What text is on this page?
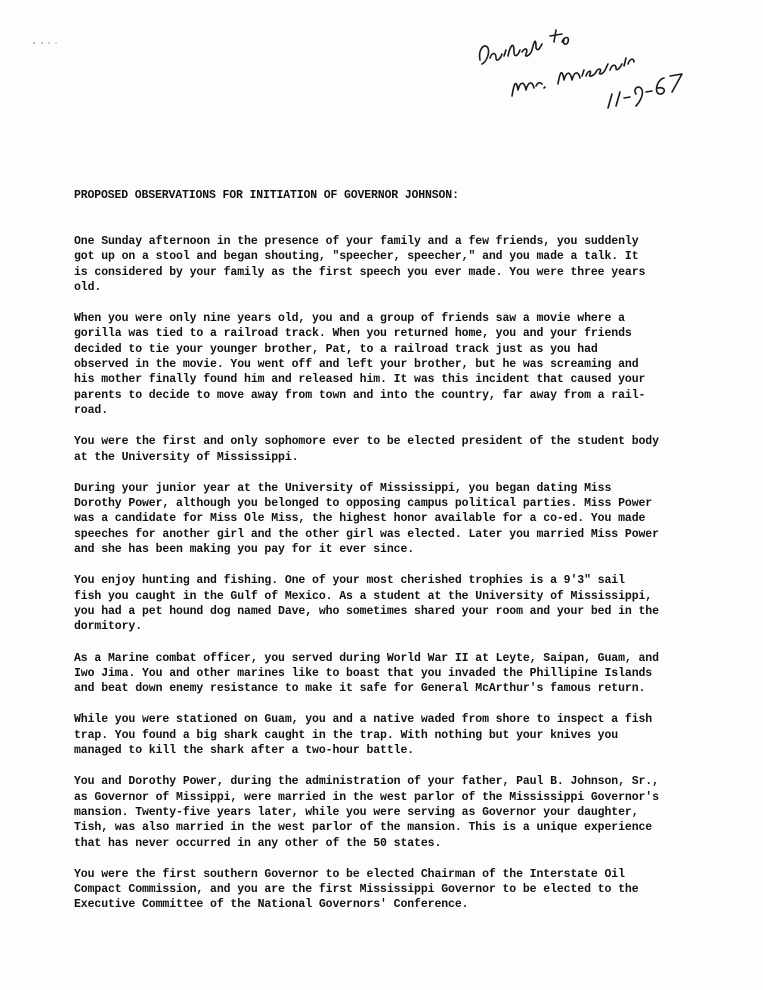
PROPOSED OBSERVATIONS FOR INITIATION OF GOVERNOR JOHNSON:

One Sunday afternoon in the presence of your family and a few friends, you suddenly
got up on a stool and began shouting, "speecher, speecher," and you made a talk. It
is considered by your family as the first speech you ever made. You were three years
old.

When you were only nine years old, you and a group of friends saw a movie where a
gorilla was tied to a railroad track. When you returned home, you and your friends
decided to tie your younger brother, Pat, to a railroad track just as you had
observed in the movie. You went off and left your brother, but he was screaming and
his mother finally found him and released him. It was this incident that caused your
parents to decide to move away from town and into the country, far away from a rail-
road.

You were the first and only sophomore ever to be elected president of the student body
at the University of Mississippi.

During your junior year at the University of Mississippi, you began dating Miss
Dorothy Power, although you belonged to opposing campus political parties. Miss Power
was a candidate for Miss Ole Miss, the highest honor available for a co-ed. You made
speeches for another girl and the other girl was elected. Later you married Miss Power
and she has been making you pay for it ever since.

You enjoy hunting and fishing. One of your most cherished trophies is a 9'3" sail
fish you caught in the Gulf of Mexico. As a student at the University of Mississippi,
you had a pet hound dog named Dave, who sometimes shared your room and your bed in the
dormitory.

As a Marine combat officer, you served during World War II at Leyte, Saipan, Guam, and
Iwo Jima. You and other marines like to boast that you invaded the Phillipine Islands
and beat down enemy resistance to make it safe for General McArthur's famous return.

While you were stationed on Guam, you and a native waded from shore to inspect a fish
trap. You found a big shark caught in the trap. With nothing but your knives you
managed to kill the shark after a two-hour battle.

You and Dorothy Power, during the administration of your father, Paul B. Johnson, Sr.,
as Governor of Missippi, were married in the west parlor of the Mississippi Governor's
mansion. Twenty-five years later, while you were serving as Governor your daughter,
Tish, was also married in the west parlor of the mansion. This is a unique experience
that has never occurred in any other of the 50 states.

You were the first southern Governor to be elected Chairman of the Interstate Oil
Compact Commission, and you are the first Mississippi Governor to be elected to the
Executive Committee of the National Governors' Conference.
